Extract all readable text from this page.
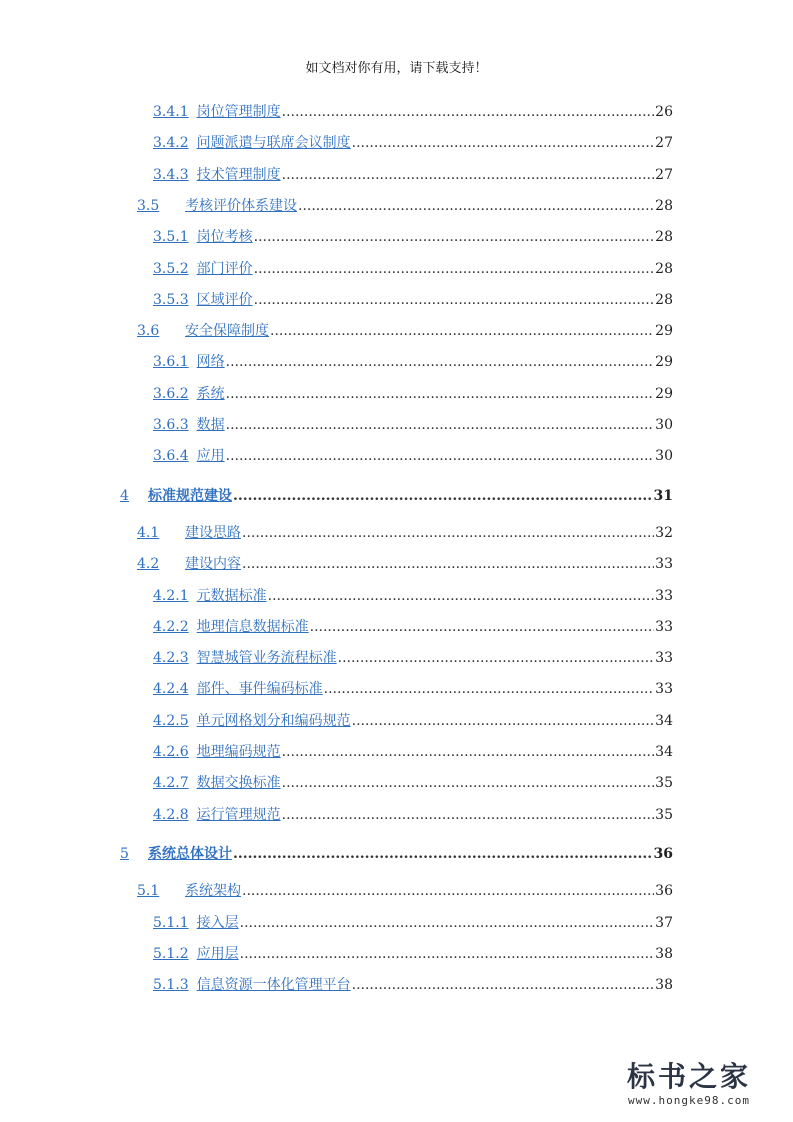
如文档对你有用，请下载支持！
3.4.1 岗位管理制度 .....	26
3.4.2 问题派遣与联席会议制度 .....	27
3.4.3 技术管理制度 .....	27
3.5	考核评价体系建设 .....	28
3.5.1 岗位考核 .....	28
3.5.2 部门评价 .....	28
3.5.3 区域评价 .....	28
3.6	安全保障制度 .....	29
3.6.1 网络 .....	29
3.6.2 系统 .....	29
3.6.3 数据 .....	30
3.6.4 应用 .....	30
4	标准规范建设 .....	31
4.1	建设思路 .....	32
4.2	建设内容 .....	33
4.2.1 元数据标准 .....	33
4.2.2 地理信息数据标准 .....	33
4.2.3 智慧城管业务流程标准 .....	33
4.2.4 部件、事件编码标准 .....	33
4.2.5 单元网格划分和编码规范 .....	34
4.2.6 地理编码规范 .....	34
4.2.7 数据交换标准 .....	35
4.2.8 运行管理规范 .....	35
5	系统总体设计 .....	36
5.1	系统架构 .....	36
5.1.1 接入层 .....	37
5.1.2 应用层 .....	38
5.1.3 信息资源一体化管理平台 .....	38
标书之家
www.hongke98.com
